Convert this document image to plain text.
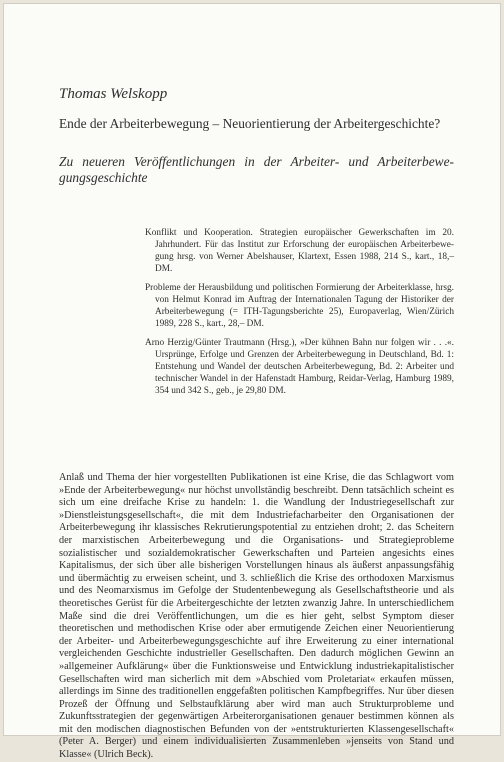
Thomas Welskopp
Ende der Arbeiterbewegung – Neuorientierung der Arbeitergeschichte?
Zu neueren Veröffentlichungen in der Arbeiter- und Arbeiterbewegungsgeschichte

Konflikt und Kooperation. Strategien europäischer Gewerkschaften im 20. Jahrhundert. Für das Institut zur Erforschung der europäischen Arbeiterbewegung hrsg. von Werner Abelshauser, Klartext, Essen 1988, 214 S., kart., 18,– DM.

Probleme der Herausbildung und politischen Formierung der Arbeiterklasse, hrsg. von Helmut Konrad im Auftrag der Internationalen Tagung der Historiker der Arbeiterbewegung (= ITH-Tagungsberichte 25), Europaverlag, Wien/Zürich 1989, 228 S., kart., 28,– DM.

Arno Herzig/Günter Trautmann (Hrsg.), »Der kühnen Bahn nur folgen wir . . .«. Ursprünge, Erfolge und Grenzen der Arbeiterbewegung in Deutschland, Bd. 1: Entstehung und Wandel der deutschen Arbeiterbewegung, Bd. 2: Arbeiter und technischer Wandel in der Hafenstadt Hamburg, Reidar-Verlag, Hamburg 1989, 354 und 342 S., geb., je 29,80 DM.

Anlaß und Thema der hier vorgestellten Publikationen ist eine Krise, die das Schlagwort vom »Ende der Arbeiterbewegung« nur höchst unvollständig beschreibt. Denn tatsächlich scheint es sich um eine dreifache Krise zu handeln: 1. die Wandlung der Industriegesellschaft zur »Dienstleistungsgesellschaft«, die mit dem Industriefacharbeiter den Organisationen der Arbeiterbewegung ihr klassisches Rekrutierungspotential zu entziehen droht; 2. das Scheitern der marxistischen Arbeiterbewegung und die Organisations- und Strategieprobleme sozialistischer und sozialdemokratischer Gewerkschaften und Parteien angesichts eines Kapitalismus, der sich über alle bisherigen Vorstellungen hinaus als äußerst anpassungsfähig und übermächtig zu erweisen scheint, und 3. schließlich die Krise des orthodoxen Marxismus und des Neomarxismus im Gefolge der Studentenbewegung als Gesellschaftstheorie und als theoretisches Gerüst für die Arbeitergeschichte der letzten zwanzig Jahre. In unterschiedlichem Maße sind die drei Veröffentlichungen, um die es hier geht, selbst Symptom dieser theoretischen und methodischen Krise oder aber ermutigende Zeichen einer Neuorientierung der Arbeiter- und Arbeiterbewegungsgeschichte auf ihre Erweiterung zu einer international vergleichenden Geschichte industrieller Gesellschaften. Den dadurch möglichen Gewinn an »allgemeiner Aufklärung« über die Funktionsweise und Entwicklung industriekapitalistischer Gesellschaften wird man sicherlich mit dem »Abschied vom Proletariat« erkaufen müssen, allerdings im Sinne des traditionellen enggefaßten politischen Kampfbegriffes. Nur über diesen Prozeß der Öffnung und Selbstaufklärung aber wird man auch Strukturprobleme und Zukunftsstrategien der gegenwärtigen Arbeiterorganisationen genauer bestimmen können als mit den modischen diagnostischen Befunden von der »entstrukturierten Klassengesellschaft« (Peter A. Berger) und einem individualisierten Zusammenleben »jenseits von Stand und Klasse« (Ulrich Beck).
